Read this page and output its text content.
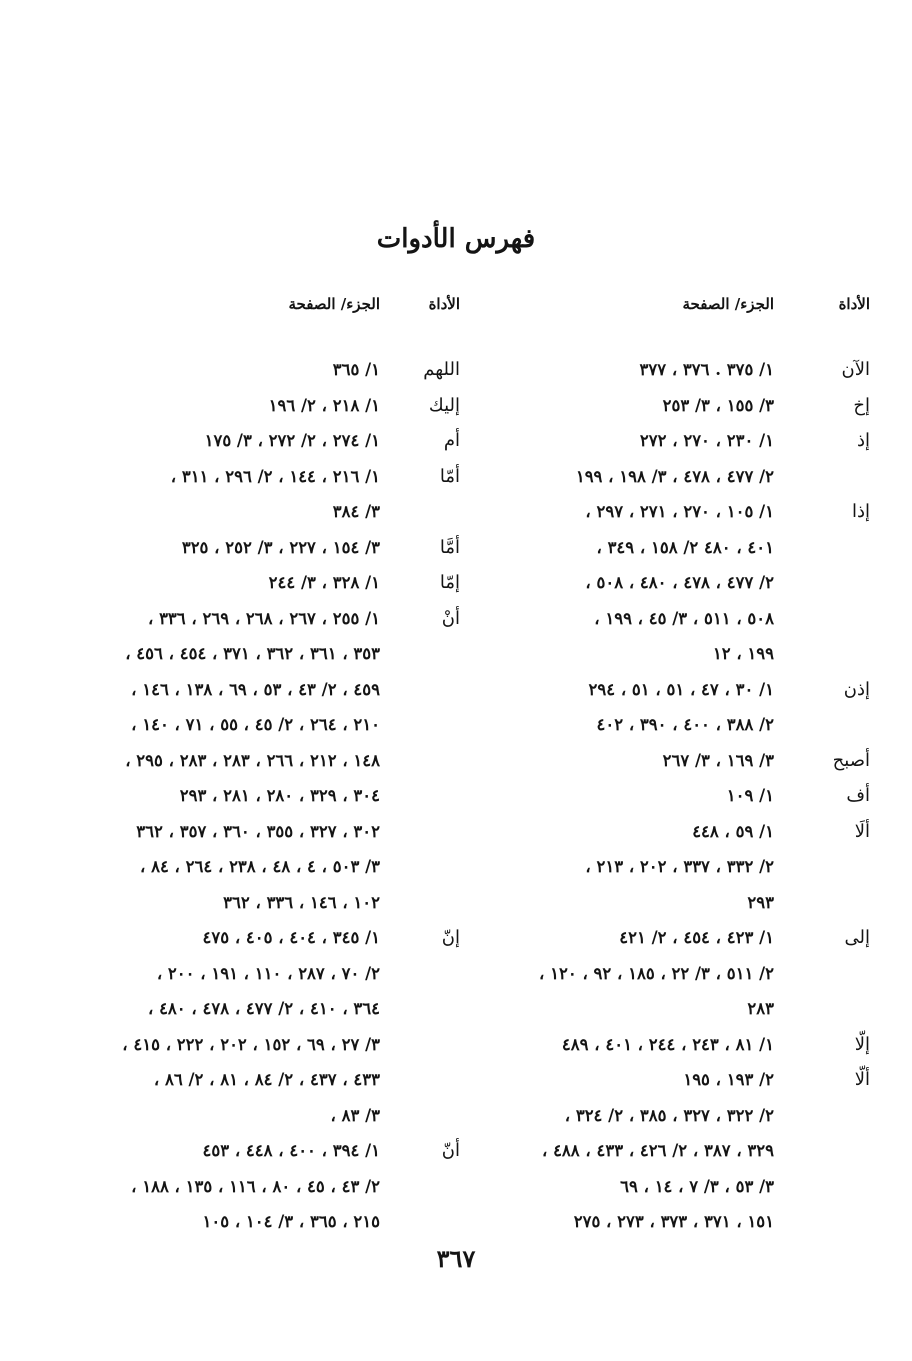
فهرس الأدوات
الأداة
الجزء/ الصفحة
الآن
١/ ٣٧٥ . ٣٧٦ ، ٣٧٧
إخ
٣/ ١٥٥ ، ٣/ ٢٥٣
إذ
١/ ٢٣٠ ، ٢٧٠ ، ٢٧٢
٢/ ٤٧٧ ، ٤٧٨ ، ٣/ ١٩٨ ، ١٩٩
إذا
١/ ١٠٥ ، ٢٧٠ ، ٢٧١ ، ٢٩٧ ،
٤٠١ ، ٤٨٠ ٢/ ١٥٨ ، ٣٤٩ ،
٢/ ٤٧٧ ، ٤٧٨ ، ٤٨٠ ، ٥٠٨ ،
٥٠٨ ، ٥١١ ، ٣/ ٤٥ ، ١٩٩ ،
١٩٩ ، ١٢
إذن
١/ ٣٠ ، ٤٧ ، ٥١ ، ٥١ ، ٢٩٤
٢/ ٣٨٨ ، ٤٠٠ ، ٣٩٠ ، ٤٠٢
أصبح
٣/ ١٦٩ ، ٣/ ٢٦٧
أف
١/ ١٠٩
ألَا
١/ ٥٩ ، ٤٤٨
٢/ ٣٣٢ ، ٣٣٧ ، ٢٠٢ ، ٢١٣ ،
٢٩٣
إلى
١/ ٤٢٣ ، ٤٥٤ ، ٢/ ٤٢١
٢/ ٥١١ ، ٣/ ٢٢ ، ١٨٥ ، ٩٢ ، ١٢٠ ،
٢٨٣
إلّا
١/ ٨١ ، ٢٤٣ ، ٢٤٤ ، ٤٠١ ، ٤٨٩
ألّا
٢/ ١٩٣ ، ١٩٥
٢/ ٣٢٢ ، ٣٢٧ ، ٣٨٥ ، ٢/ ٣٢٤ ،
٣٢٩ ، ٣٨٧ ، ٢/ ٤٢٦ ، ٤٣٣ ، ٤٨٨ ،
٣/ ٥٣ ، ٣/ ٧ ، ١٤ ، ٦٩
١٥١ ، ٣٧١ ، ٣٧٣ ، ٢٧٣ ، ٢٧٥
الأداة
الجزء/ الصفحة
اللهم
١/ ٣٦٥
إليك
١/ ٢١٨ ، ٢/ ١٩٦
أم
١/ ٢٧٤ ، ٢/ ٢٧٢ ، ٣/ ١٧٥
أمّا
١/ ٢١٦ ، ١٤٤ ، ٢/ ٢٩٦ ، ٣١١ ،
٣/ ٣٨٤
أمَّا
٣/ ١٥٤ ، ٢٢٧ ، ٣/ ٢٥٢ ، ٣٢٥
إمّا
١/ ٣٢٨ ، ٣/ ٢٤٤
أنْ
١/ ٢٥٥ ، ٢٦٧ ، ٢٦٨ ، ٢٦٩ ، ٣٣٦ ،
٣٥٣ ، ٣٦١ ، ٣٦٢ ، ٣٧١ ، ٤٥٤ ، ٤٥٦ ،
٤٥٩ ، ٢/ ٤٣ ، ٥٣ ، ٦٩ ، ١٣٨ ، ١٤٦ ،
٢١٠ ، ٢٦٤ ، ٢/ ٤٥ ، ٥٥ ، ٧١ ، ١٤٠ ،
١٤٨ ، ٢١٢ ، ٢٦٦ ، ٢٨٣ ، ٢٨٣ ، ٢٩٥ ،
٣٠٤ ، ٣٢٩ ، ٢٨٠ ، ٢٨١ ، ٢٩٣
٣٠٢ ، ٣٢٧ ، ٣٥٥ ، ٣٦٠ ، ٣٥٧ ، ٣٦٢
٣/ ٥٠٣ ، ٤ ، ٤٨ ، ٢٣٨ ، ٢٦٤ ، ٨٤ ،
١٠٢ ، ١٤٦ ، ٣٣٦ ، ٣٦٢
إنّ
١/ ٣٤٥ ، ٤٠٤ ، ٤٠٥ ، ٤٧٥
٢/ ٧٠ ، ٢٨٧ ، ١١٠ ، ١٩١ ، ٢٠٠ ،
٣٦٤ ، ٤١٠ ، ٢/ ٤٧٧ ، ٤٧٨ ، ٤٨٠ ،
٣/ ٢٧ ، ٦٩ ، ١٥٢ ، ٢٠٢ ، ٢٢٢ ، ٤١٥ ،
٤٣٣ ، ٤٣٧ ، ٢/ ٨٤ ، ٨١ ، ٢/ ٨٦ ،
٣/ ٨٣ ،
أنّ
١/ ٣٩٤ ، ٤٠٠ ، ٤٤٨ ، ٤٥٣
٢/ ٤٣ ، ٤٥ ، ٨٠ ، ١١٦ ، ١٣٥ ، ١٨٨ ،
٢١٥ ، ٣٦٥ ، ٣/ ١٠٤ ، ١٠٥
٣٦٧
